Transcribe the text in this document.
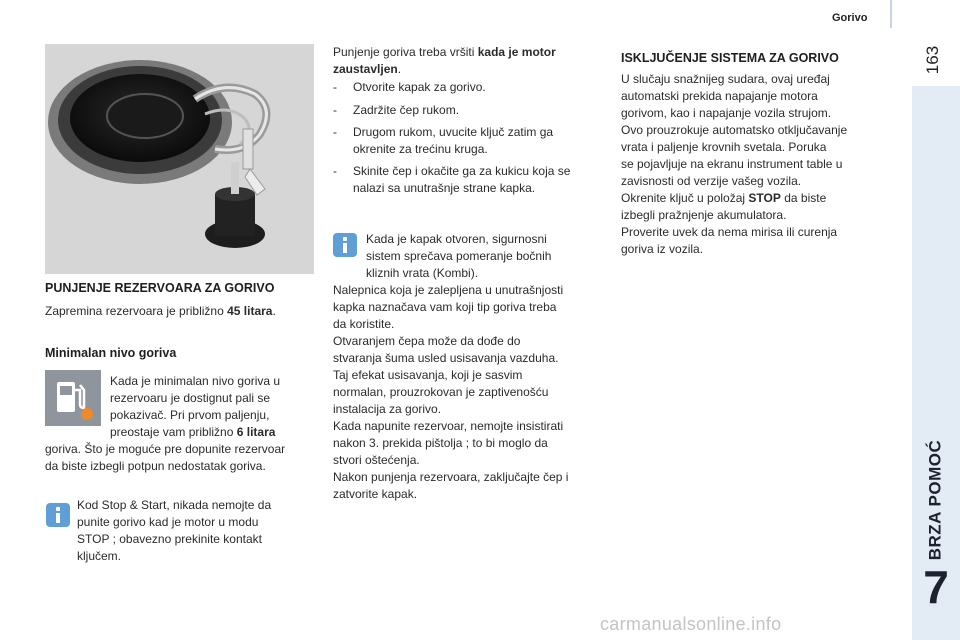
Gorivo
163
BRZA POMOĆ
7
carmanualsonline.info
PUNJENJE REZERVOARA ZA GORIVO
Zapremina rezervoara je približno 45 litara.
Minimalan nivo goriva
Kada je minimalan nivo goriva u
rezervoaru je dostignut pali se
pokazivač. Pri prvom paljenju,
preostaje vam približno 6 litara
goriva. Što je moguće pre dopunite rezervoar
da biste izbegli potpun nedostatak goriva.
Kod Stop & Start, nikada nemojte da
punite gorivo kad je motor u modu
STOP ; obavezno prekinite kontakt
ključem.
Punjenje goriva treba vršiti kada je motor zaustavljen.
- Otvorite kapak za gorivo.
- Zadržite čep rukom.
- Drugom rukom, uvucite ključ zatim ga okrenite za trećinu kruga.
- Skinite čep i okačite ga za kukicu koja se nalazi sa unutrašnje strane kapka.
Kada je kapak otvoren, sigurnosni
sistem sprečava pomeranje bočnih
kliznih vrata (Kombi).
Nalepnica koja je zalepljena u unutrašnjosti
kapka naznačava vam koji tip goriva treba
da koristite.
Otvaranjem čepa može da dođe do
stvaranja šuma usled usisavanja vazduha.
Taj efekat usisavanja, koji je sasvim
normalan, prouzrokovan je zaptivenošću
instalacija za gorivo.
Kada napunite rezervoar, nemojte insistirati
nakon 3. prekida pištolja ; to bi moglo da
stvori oštećenja.
Nakon punjenja rezervoara, zaključajte čep i
zatvorite kapak.
ISKLJUČENJE SISTEMA ZA GORIVO
U slučaju snažnijeg sudara, ovaj uređaj
automatski prekida napajanje motora
gorivom, kao i napajanje vozila strujom.
Ovo prouzrokuje automatsko otključavanje
vrata i paljenje krovnih svetala. Poruka
se pojavljuje na ekranu instrument table u
zavisnosti od verzije vašeg vozila.
Okrenite ključ u položaj STOP da biste
izbegli pražnjenje akumulatora.
Proverite uvek da nema mirisa ili curenja
goriva iz vozila.
